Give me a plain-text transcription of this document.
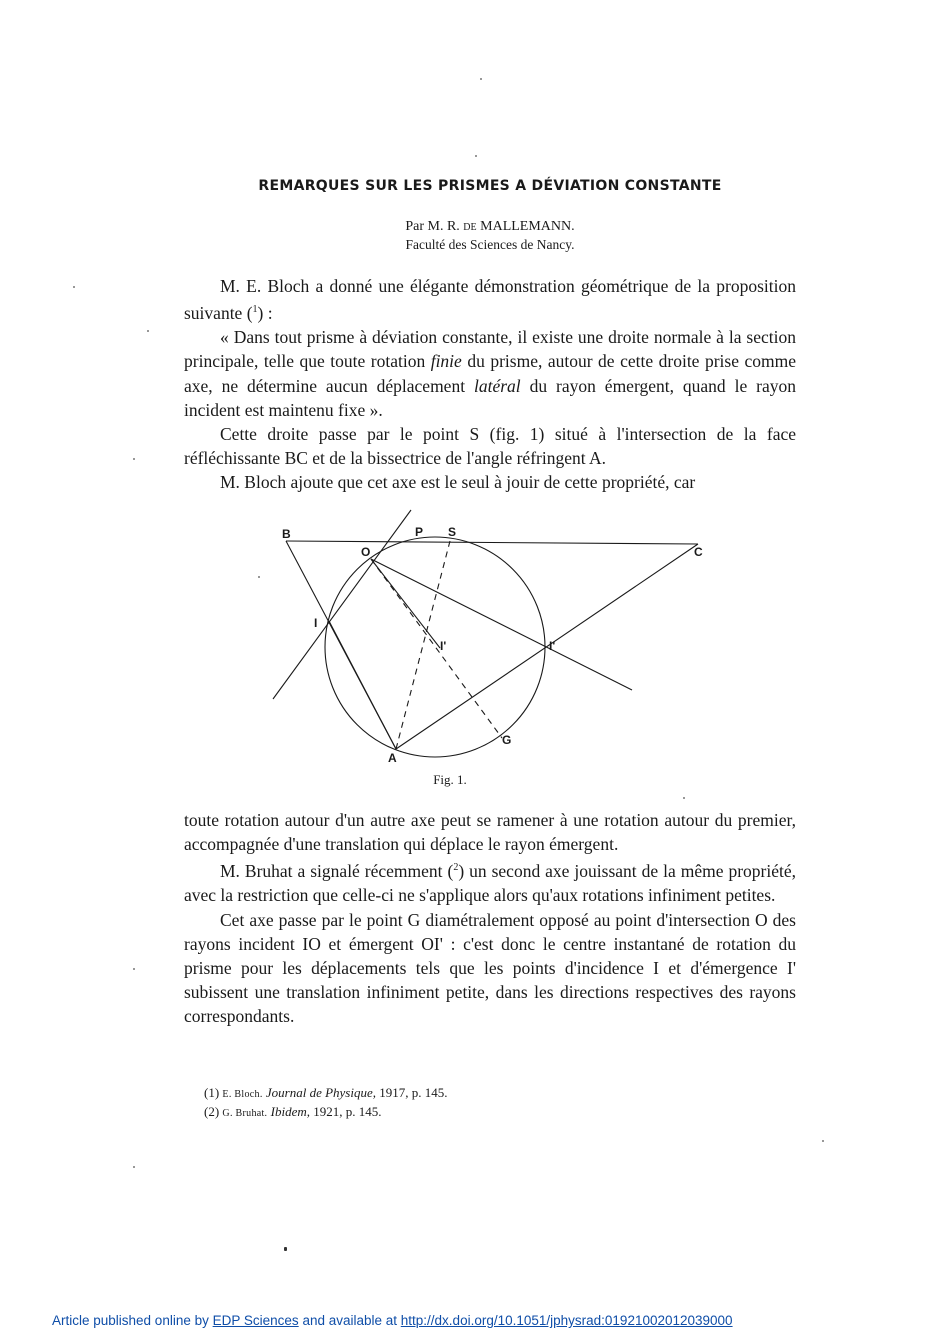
REMARQUES SUR LES PRISMES A DÉVIATION CONSTANTE
Par M. R. DE MALLEMANN.
Faculté des Sciences de Nancy.

M. E. Bloch a donné une élégante démonstration géométrique de la proposition suivante ($^1$) :

« Dans tout prisme à déviation constante, il existe une droite normale à la section principale, telle que toute rotation finie du prisme, autour de cette droite prise comme axe, ne détermine aucun déplacement latéral du rayon émergent, quand le rayon incident est maintenu fixe ».

Cette droite passe par le point S (fig. 1) situé à l'intersection de la face réfléchissante BC et de la bissectrice de l'angle réfringent A.

M. Bloch ajoute que cet axe est le seul à jouir de cette propriété, car

B	P S
C
O
I
I'
I'
A
G
Fig. 1.

toute rotation autour d'un autre axe peut se ramener à une rotation autour du premier, accompagnée d'une translation qui déplace le rayon émergent.

M. Bruhat a signalé récemment ($^2$) un second axe jouissant de la même propriété, avec la restriction que celle-ci ne s'applique alors qu'aux rotations infiniment petites.

Cet axe passe par le point G diamétralement opposé au point d'intersection O des rayons incident IO et émergent OI' : c'est donc le centre instantané de rotation du prisme pour les déplacements tels que les points d'incidence I et d'émergence I' subissent une translation infiniment petite, dans les directions respectives des rayons correspondants.

(1) E. Bloch. Journal de Physique, 1917, p. 145.
(2) G. Bruhat. Ibidem, 1921, p. 145.
Article published online by EDP Sciences and available at http://dx.doi.org/10.1051/jphysrad:01921002012039000
